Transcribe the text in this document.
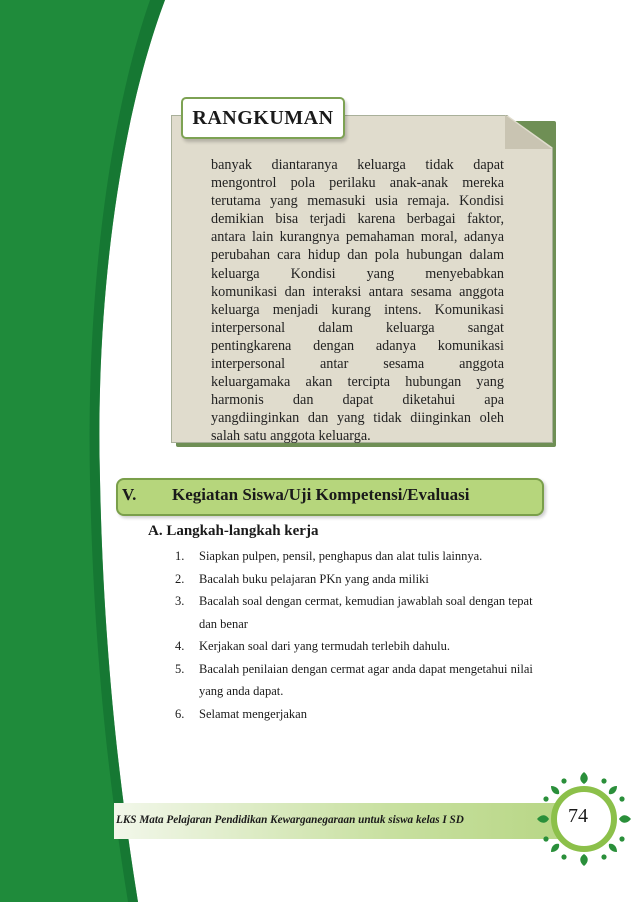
RANGKUMAN
banyak diantaranya keluarga tidak dapat
mengontrol pola perilaku anak-anak mereka
terutama yang memasuki usia remaja. Kondisi
demikian bisa terjadi karena berbagai faktor,
antara lain kurangnya pemahaman moral, adanya
perubahan cara hidup dan pola hubungan dalam
keluarga Kondisi yang menyebabkan
komunikasi dan interaksi antara sesama anggota
keluarga menjadi kurang intens. Komunikasi
interpersonal dalam keluarga sangat
pentingkarena dengan adanya komunikasi
interpersonal antar sesama anggota
keluargamaka akan tercipta hubungan yang
harmonis dan dapat diketahui apa
yangdiinginkan dan yang tidak diinginkan oleh
salah satu anggota keluarga.
V. Kegiatan Siswa/Uji Kompetensi/Evaluasi
A. Langkah-langkah kerja
1. Siapkan pulpen, pensil, penghapus dan alat tulis lainnya.
2. Bacalah buku pelajaran PKn yang anda miliki
3. Bacalah soal dengan cermat, kemudian jawablah soal dengan tepat
dan benar
4. Kerjakan soal dari yang termudah terlebih dahulu.
5. Bacalah penilaian dengan cermat agar anda dapat mengetahui nilai
yang anda dapat.
6. Selamat mengerjakan
LKS Mata Pelajaran Pendidikan Kewarganegaraan untuk siswa kelas I SD	74
